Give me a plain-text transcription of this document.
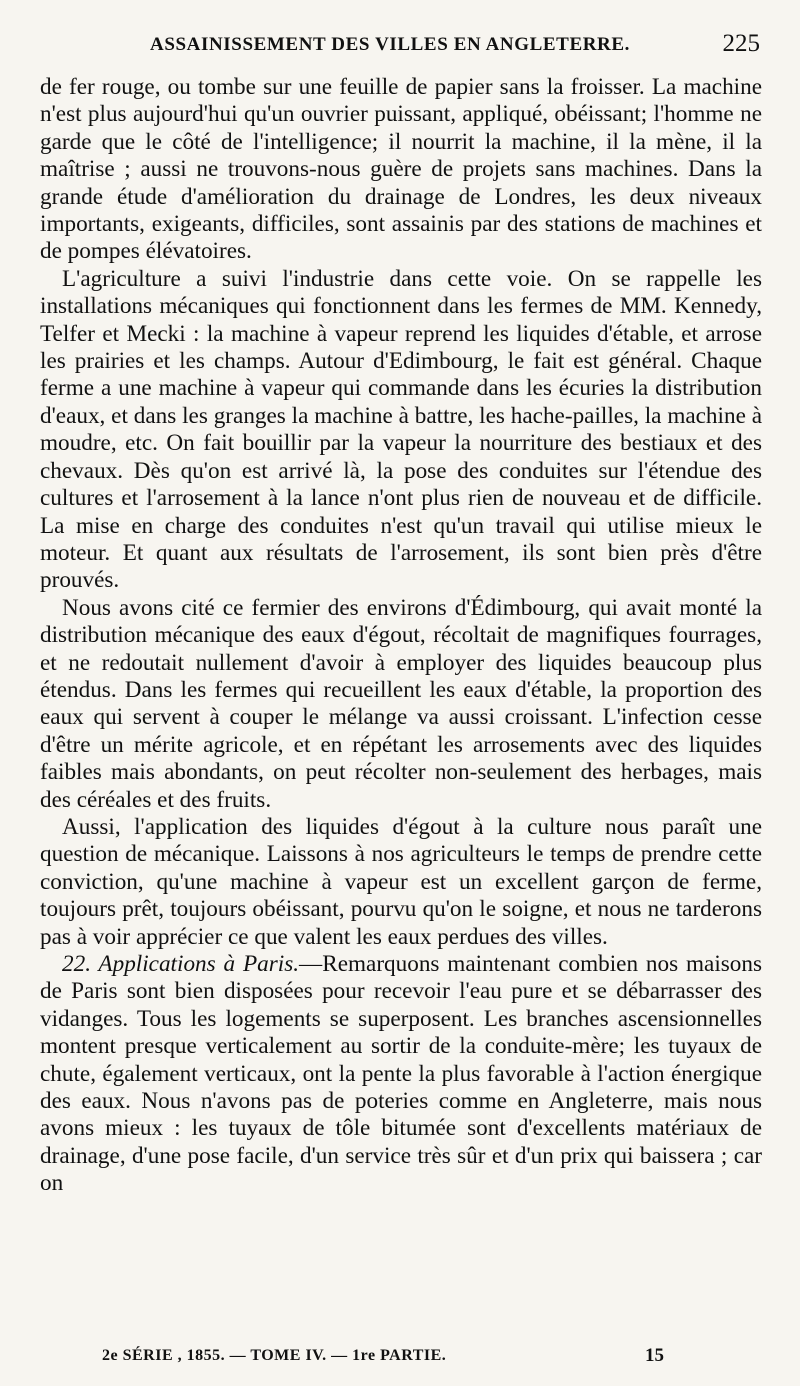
ASSAINISSEMENT DES VILLES EN ANGLETERRE.	225

de fer rouge, ou tombe sur une feuille de papier sans la froisser. La machine n'est plus aujourd'hui qu'un ouvrier puissant, appliqué, obéissant; l'homme ne garde que le côté de l'intelligence; il nourrit la machine, il la mène, il la maîtrise ; aussi ne trouvons-nous guère de projets sans machines. Dans la grande étude d'amélioration du drainage de Londres, les deux niveaux importants, exigeants, difficiles, sont assainis par des stations de machines et de pompes élévatoires.

L'agriculture a suivi l'industrie dans cette voie. On se rappelle les installations mécaniques qui fonctionnent dans les fermes de MM. Kennedy, Telfer et Mecki : la machine à vapeur reprend les liquides d'étable, et arrose les prairies et les champs. Autour d'Edimbourg, le fait est général. Chaque ferme a une machine à vapeur qui commande dans les écuries la distribution d'eaux, et dans les granges la machine à battre, les hache-pailles, la machine à moudre, etc. On fait bouillir par la vapeur la nourriture des bestiaux et des chevaux. Dès qu'on est arrivé là, la pose des conduites sur l'étendue des cultures et l'arrosement à la lance n'ont plus rien de nouveau et de difficile. La mise en charge des conduites n'est qu'un travail qui utilise mieux le moteur. Et quant aux résultats de l'arrosement, ils sont bien près d'être prouvés.

Nous avons cité ce fermier des environs d'Édimbourg, qui avait monté la distribution mécanique des eaux d'égout, récoltait de magnifiques fourrages, et ne redoutait nullement d'avoir à employer des liquides beaucoup plus étendus. Dans les fermes qui recueillent les eaux d'étable, la proportion des eaux qui servent à couper le mélange va aussi croissant. L'infection cesse d'être un mérite agricole, et en répétant les arrosements avec des liquides faibles mais abondants, on peut récolter non-seulement des herbages, mais des céréales et des fruits.

Aussi, l'application des liquides d'égout à la culture nous paraît une question de mécanique. Laissons à nos agriculteurs le temps de prendre cette conviction, qu'une machine à vapeur est un excellent garçon de ferme, toujours prêt, toujours obéissant, pourvu qu'on le soigne, et nous ne tarderons pas à voir apprécier ce que valent les eaux perdues des villes.

22. Applications à Paris.—Remarquons maintenant combien nos maisons de Paris sont bien disposées pour recevoir l'eau pure et se débarrasser des vidanges. Tous les logements se superposent. Les branches ascensionnelles montent presque verticalement au sortir de la conduite-mère; les tuyaux de chute, également verticaux, ont la pente la plus favorable à l'action énergique des eaux. Nous n'avons pas de poteries comme en Angleterre, mais nous avons mieux : les tuyaux de tôle bitumée sont d'excellents matériaux de drainage, d'une pose facile, d'un service très sûr et d'un prix qui baissera ; car on

2e SÉRIE , 1855. — TOME IV. — 1re PARTIE.	15
